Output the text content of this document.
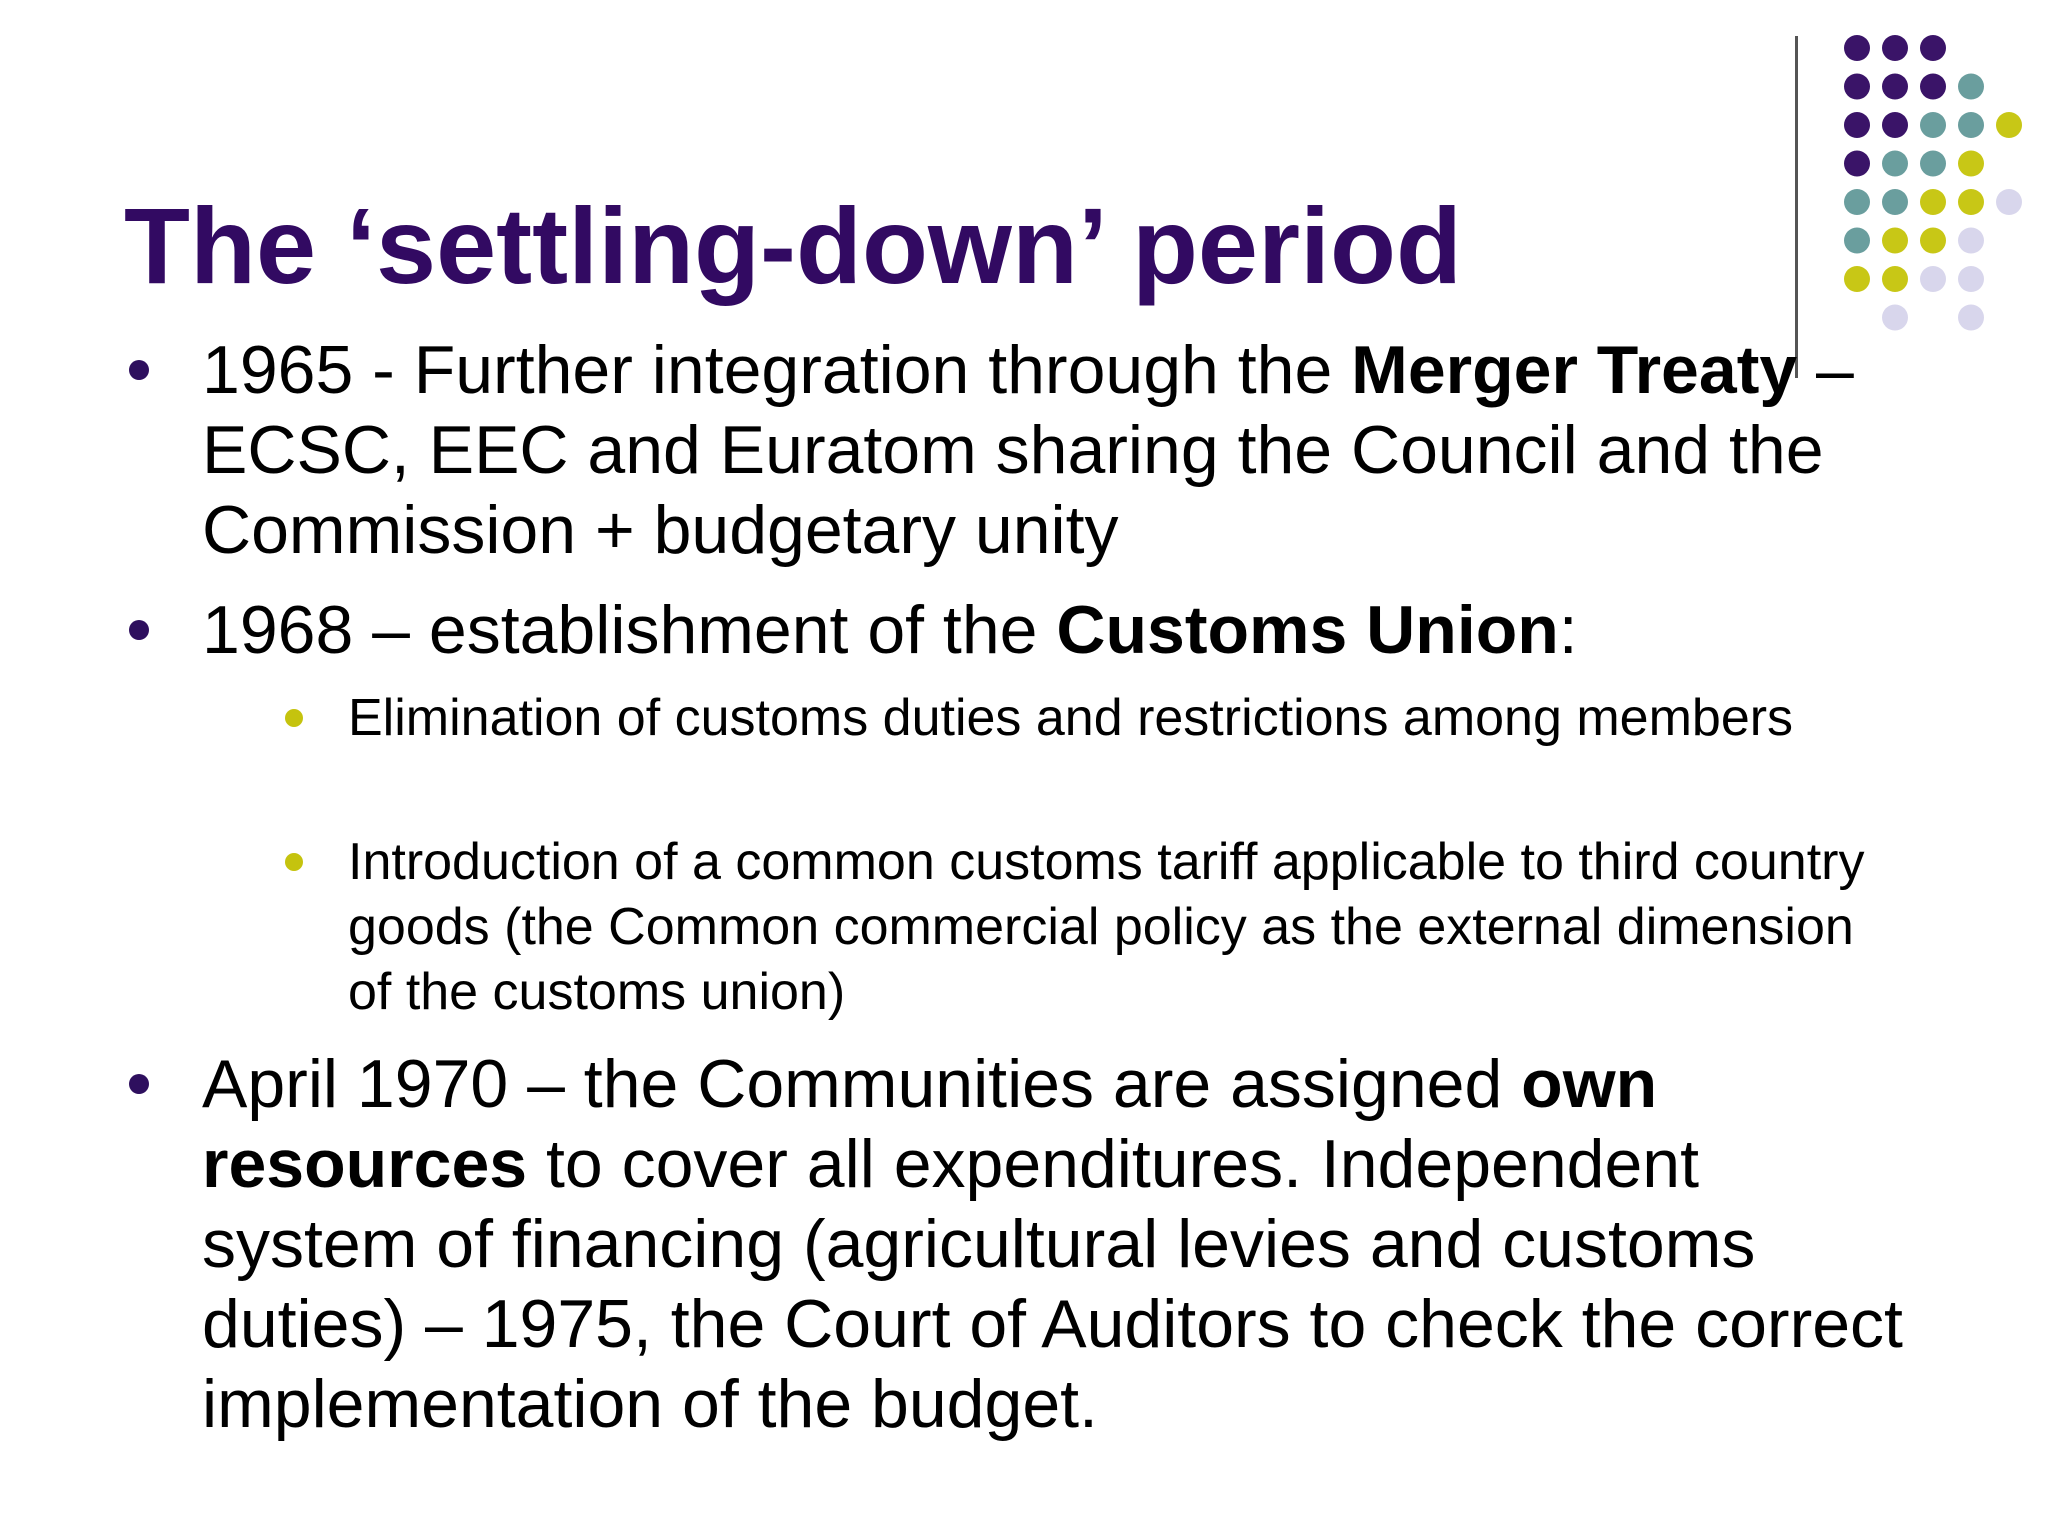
The ‘settling-down’ period
1965 - Further integration through the Merger Treaty – ECSC, EEC and Euratom sharing the Council and the Commission + budgetary unity
1968 – establishment of the Customs Union:
Elimination of customs duties and restrictions among members
Introduction of a common customs tariff applicable to third country goods (the Common commercial policy as the external dimension of the customs union)
April 1970 – the Communities are assigned own resources to cover all expenditures. Independent system of financing (agricultural levies and customs duties) – 1975, the Court of Auditors to check the correct implementation of the budget.
